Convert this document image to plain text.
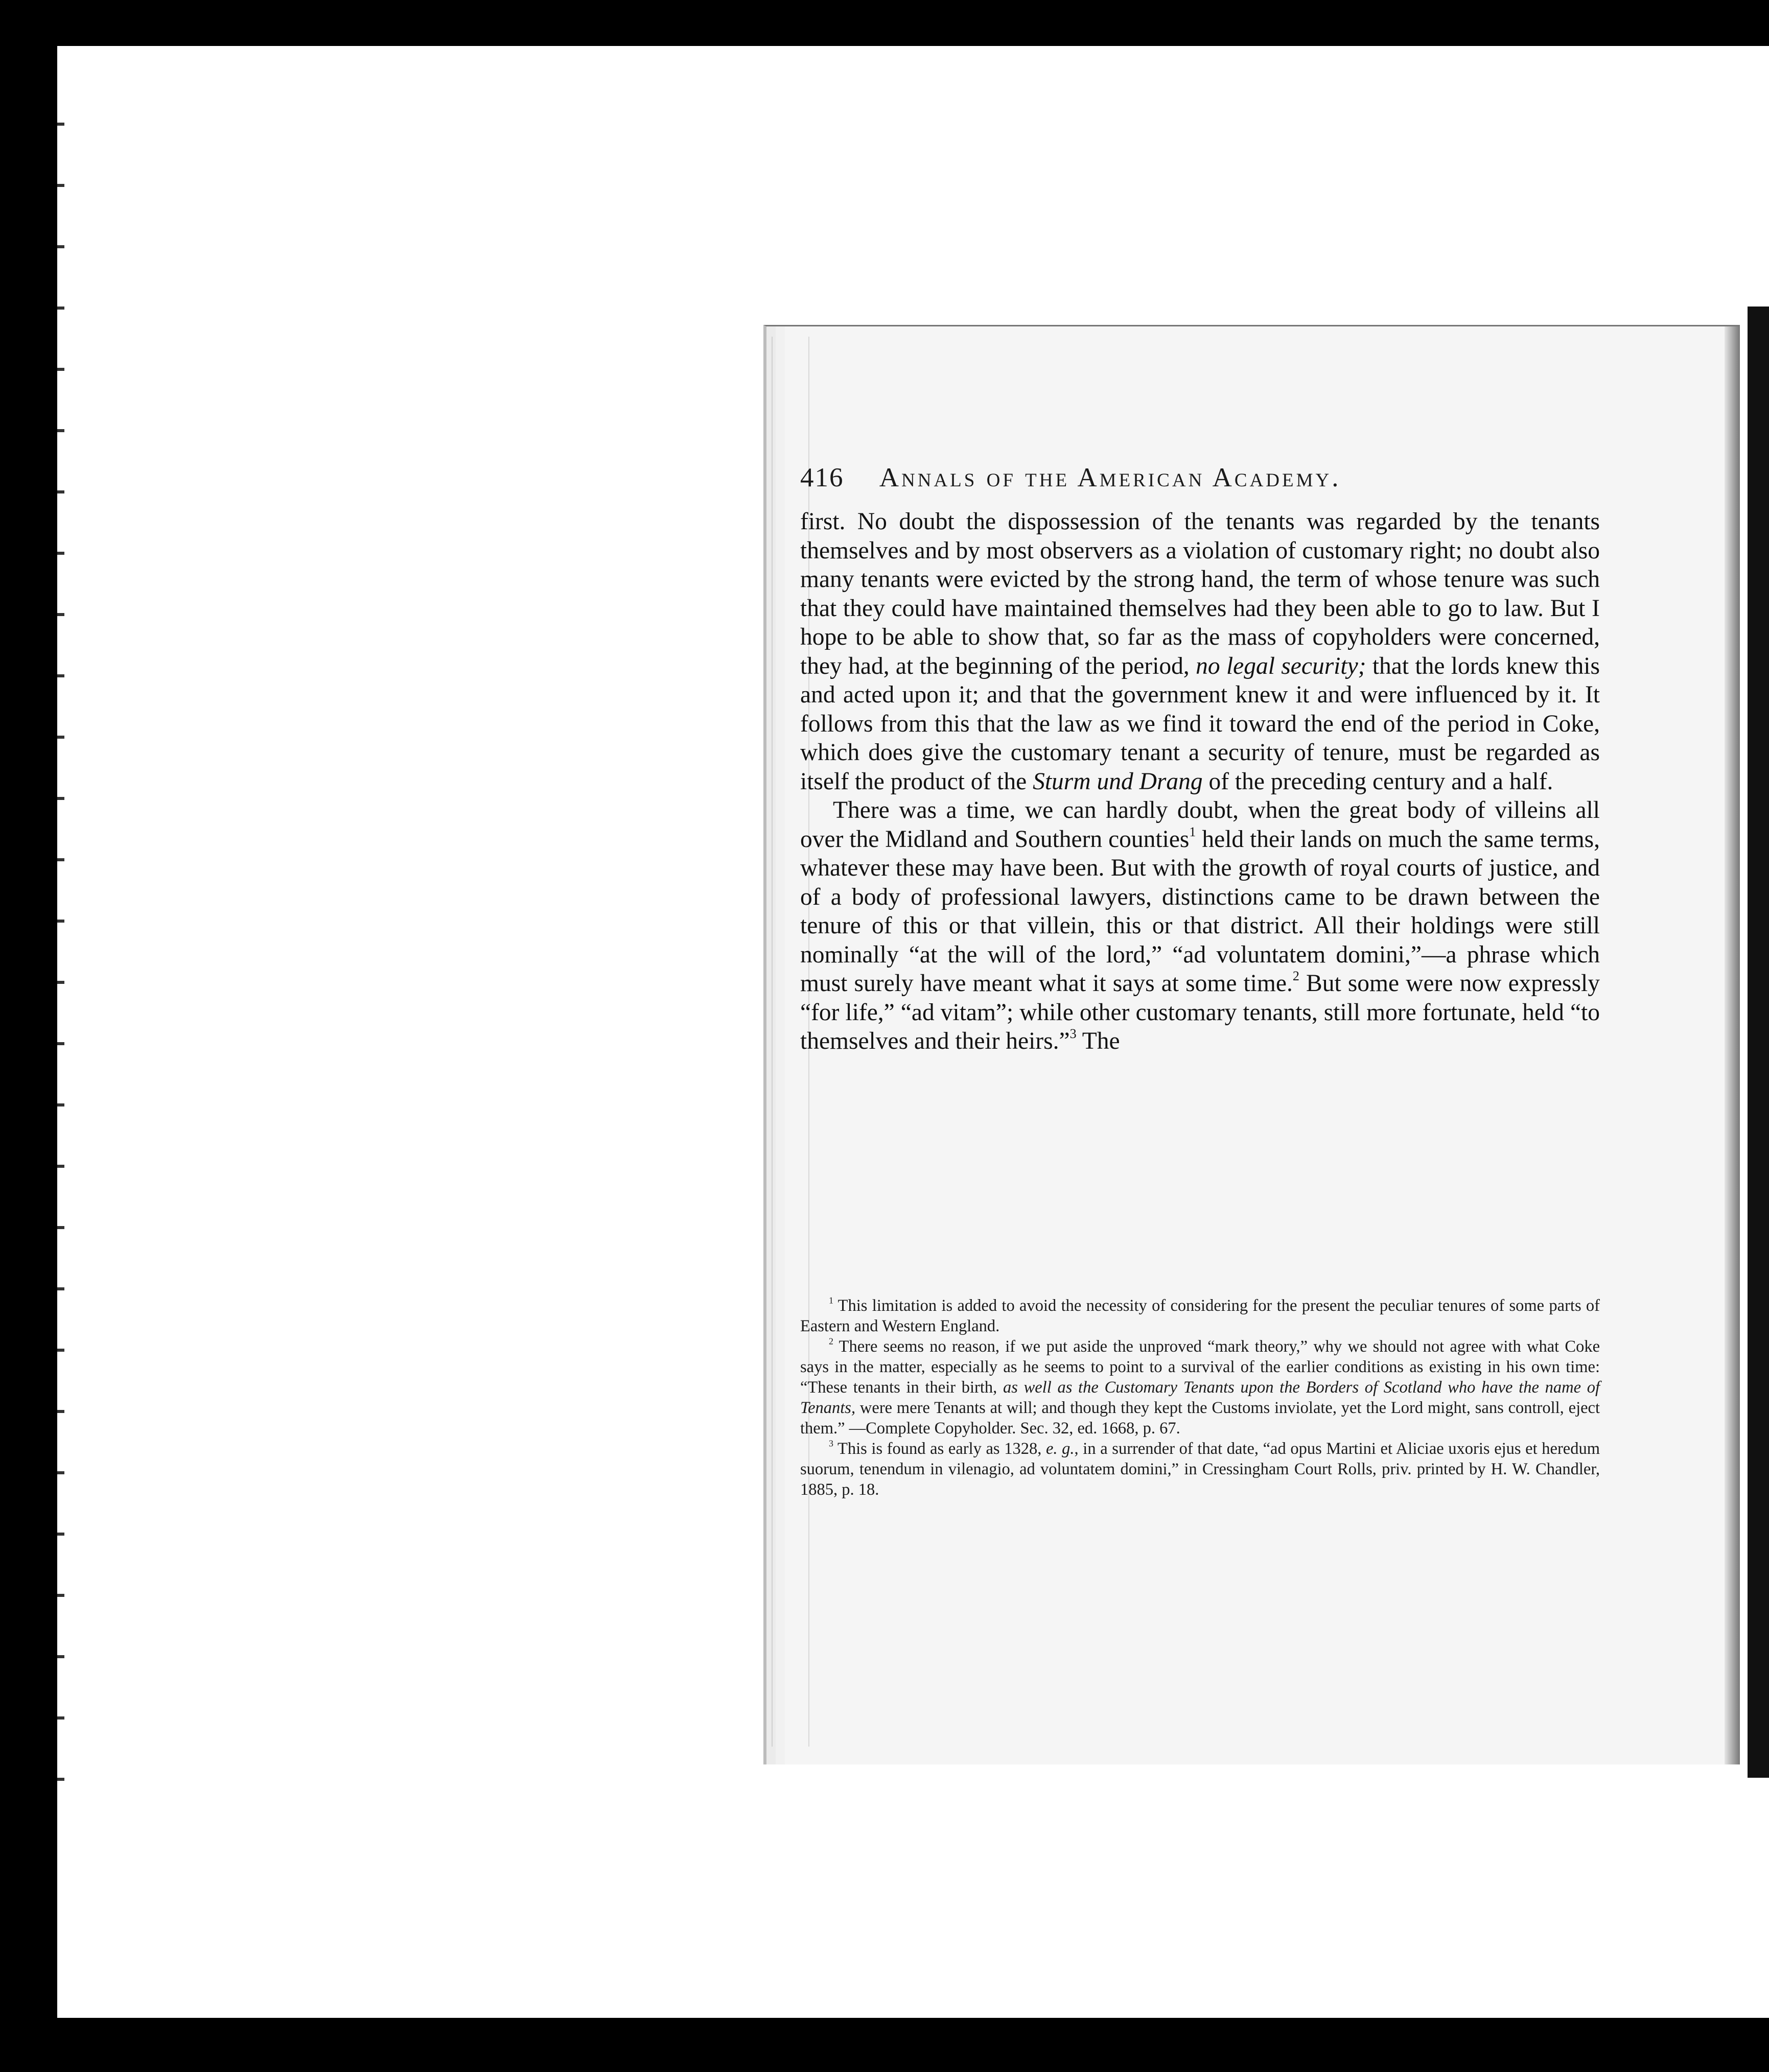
416 Annals of the American Academy.

first. No doubt the dispossession of the tenants was regarded by the tenants themselves and by most observers as a violation of customary right; no doubt also many tenants were evicted by the strong hand, the term of whose tenure was such that they could have maintained themselves had they been able to go to law. But I hope to be able to show that, so far as the mass of copyholders were concerned, they had, at the beginning of the period, no legal security; that the lords knew this and acted upon it; and that the government knew it and were influenced by it. It follows from this that the law as we find it toward the end of the period in Coke, which does give the customary tenant a security of tenure, must be regarded as itself the product of the Sturm und Drang of the preceding century and a half.

There was a time, we can hardly doubt, when the great body of villeins all over the Midland and Southern counties$^1$ held their lands on much the same terms, whatever these may have been. But with the growth of royal courts of justice, and of a body of professional lawyers, distinctions came to be drawn between the tenure of this or that villein, this or that district. All their holdings were still nominally “at the will of the lord,” “ad voluntatem domini,”—a phrase which must surely have meant what it says at some time.$^2$ But some were now expressly “for life,” “ad vitam”; while other customary tenants, still more fortunate, held “to themselves and their heirs.”$^3$ The

$^1$ This limitation is added to avoid the necessity of considering for the present the peculiar tenures of some parts of Eastern and Western England.

$^2$ There seems no reason, if we put aside the unproved “mark theory,” why we should not agree with what Coke says in the matter, especially as he seems to point to a survival of the earlier conditions as existing in his own time: “These tenants in their birth, as well as the Customary Tenants upon the Borders of Scotland who have the name of Tenants, were mere Tenants at will; and though they kept the Customs inviolate, yet the Lord might, sans controll, eject them.” —Complete Copyholder. Sec. 32, ed. 1668, p. 67.

$^3$ This is found as early as 1328, e. g., in a surrender of that date, “ad opus Martini et Aliciae uxoris ejus et heredum suorum, tenendum in vilenagio, ad voluntatem domini,” in Cressingham Court Rolls, priv. printed by H. W. Chandler, 1885, p. 18.
